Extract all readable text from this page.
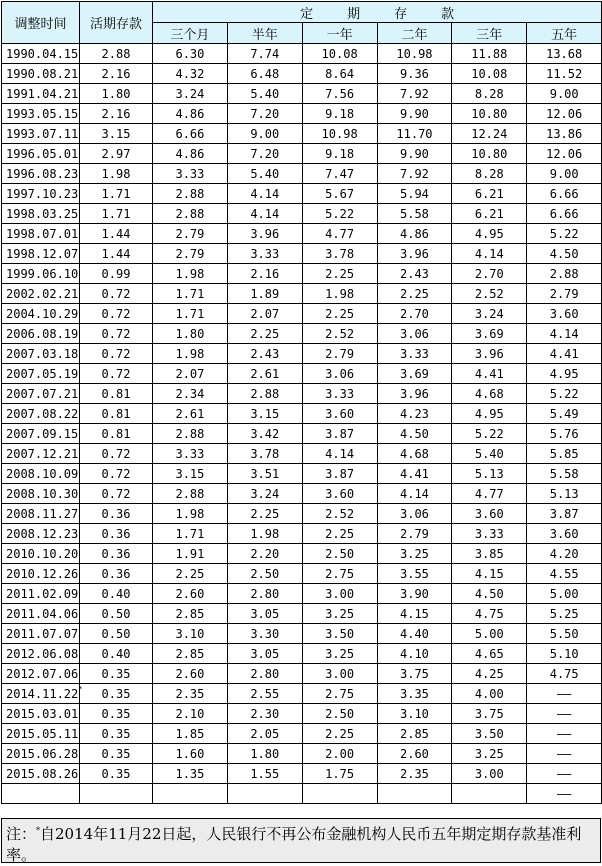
调整时间	活期存款	定期存款					
		三个月	半年	一年	二年	三年	五年
1990.04.15	2.88	6.30	7.74	10.08	10.98	11.88	13.68
1990.08.21	2.16	4.32	6.48	8.64	9.36	10.08	11.52
1991.04.21	1.80	3.24	5.40	7.56	7.92	8.28	9.00
1993.05.15	2.16	4.86	7.20	9.18	9.90	10.80	12.06
1993.07.11	3.15	6.66	9.00	10.98	11.70	12.24	13.86
1996.05.01	2.97	4.86	7.20	9.18	9.90	10.80	12.06
1996.08.23	1.98	3.33	5.40	7.47	7.92	8.28	9.00
1997.10.23	1.71	2.88	4.14	5.67	5.94	6.21	6.66
1998.03.25	1.71	2.88	4.14	5.22	5.58	6.21	6.66
1998.07.01	1.44	2.79	3.96	4.77	4.86	4.95	5.22
1998.12.07	1.44	2.79	3.33	3.78	3.96	4.14	4.50
1999.06.10	0.99	1.98	2.16	2.25	2.43	2.70	2.88
2002.02.21	0.72	1.71	1.89	1.98	2.25	2.52	2.79
2004.10.29	0.72	1.71	2.07	2.25	2.70	3.24	3.60
2006.08.19	0.72	1.80	2.25	2.52	3.06	3.69	4.14
2007.03.18	0.72	1.98	2.43	2.79	3.33	3.96	4.41
2007.05.19	0.72	2.07	2.61	3.06	3.69	4.41	4.95
2007.07.21	0.81	2.34	2.88	3.33	3.96	4.68	5.22
2007.08.22	0.81	2.61	3.15	3.60	4.23	4.95	5.49
2007.09.15	0.81	2.88	3.42	3.87	4.50	5.22	5.76
2007.12.21	0.72	3.33	3.78	4.14	4.68	5.40	5.85
2008.10.09	0.72	3.15	3.51	3.87	4.41	5.13	5.58
2008.10.30	0.72	2.88	3.24	3.60	4.14	4.77	5.13
2008.11.27	0.36	1.98	2.25	2.52	3.06	3.60	3.87
2008.12.23	0.36	1.71	1.98	2.25	2.79	3.33	3.60
2010.10.20	0.36	1.91	2.20	2.50	3.25	3.85	4.20
2010.12.26	0.36	2.25	2.50	2.75	3.55	4.15	4.55
2011.02.09	0.40	2.60	2.80	3.00	3.90	4.50	5.00
2011.04.06	0.50	2.85	3.05	3.25	4.15	4.75	5.25
2011.07.07	0.50	3.10	3.30	3.50	4.40	5.00	5.50
2012.06.08	0.40	2.85	3.05	3.25	4.10	4.65	5.10
2012.07.06	0.35	2.60	2.80	3.00	3.75	4.25	4.75
2014.11.22*	0.35	2.35	2.55	2.75	3.35	4.00	——
2015.03.01	0.35	2.10	2.30	2.50	3.10	3.75	——
2015.05.11	0.35	1.85	2.05	2.25	2.85	3.50	——
2015.06.28	0.35	1.60	1.80	2.00	2.60	3.25	——
2015.08.26	0.35	1.35	1.55	1.75	2.35	3.00	——
							——
注：*自2014年11月22日起，人民银行不再公布金融机构人民币五年期定期存款基准利率。
